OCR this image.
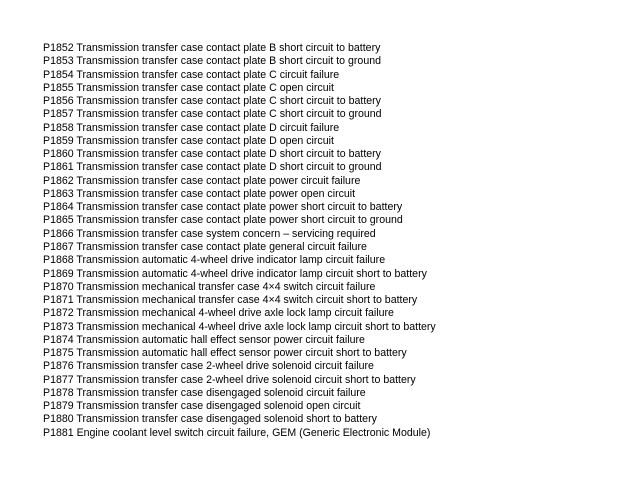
P1852 Transmission transfer case contact plate B short circuit to battery
P1853 Transmission transfer case contact plate B short circuit to ground
P1854 Transmission transfer case contact plate C circuit failure
P1855 Transmission transfer case contact plate C open circuit
P1856 Transmission transfer case contact plate C short circuit to battery
P1857 Transmission transfer case contact plate C short circuit to ground
P1858 Transmission transfer case contact plate D circuit failure
P1859 Transmission transfer case contact plate D open circuit
P1860 Transmission transfer case contact plate D short circuit to battery
P1861 Transmission transfer case contact plate D short circuit to ground
P1862 Transmission transfer case contact plate power circuit failure
P1863 Transmission transfer case contact plate power open circuit
P1864 Transmission transfer case contact plate power short circuit to battery
P1865 Transmission transfer case contact plate power short circuit to ground
P1866 Transmission transfer case system concern – servicing required
P1867 Transmission transfer case contact plate general circuit failure
P1868 Transmission automatic 4-wheel drive indicator lamp circuit failure
P1869 Transmission automatic 4-wheel drive indicator lamp circuit short to battery
P1870 Transmission mechanical transfer case 4×4 switch circuit failure
P1871 Transmission mechanical transfer case 4×4 switch circuit short to battery
P1872 Transmission mechanical 4-wheel drive axle lock lamp circuit failure
P1873 Transmission mechanical 4-wheel drive axle lock lamp circuit short to battery
P1874 Transmission automatic hall effect sensor power circuit failure
P1875 Transmission automatic hall effect sensor power circuit short to battery
P1876 Transmission transfer case 2-wheel drive solenoid circuit failure
P1877 Transmission transfer case 2-wheel drive solenoid circuit short to battery
P1878 Transmission transfer case disengaged solenoid circuit failure
P1879 Transmission transfer case disengaged solenoid open circuit
P1880 Transmission transfer case disengaged solenoid short to battery
P1881 Engine coolant level switch circuit failure, GEM (Generic Electronic Module)
